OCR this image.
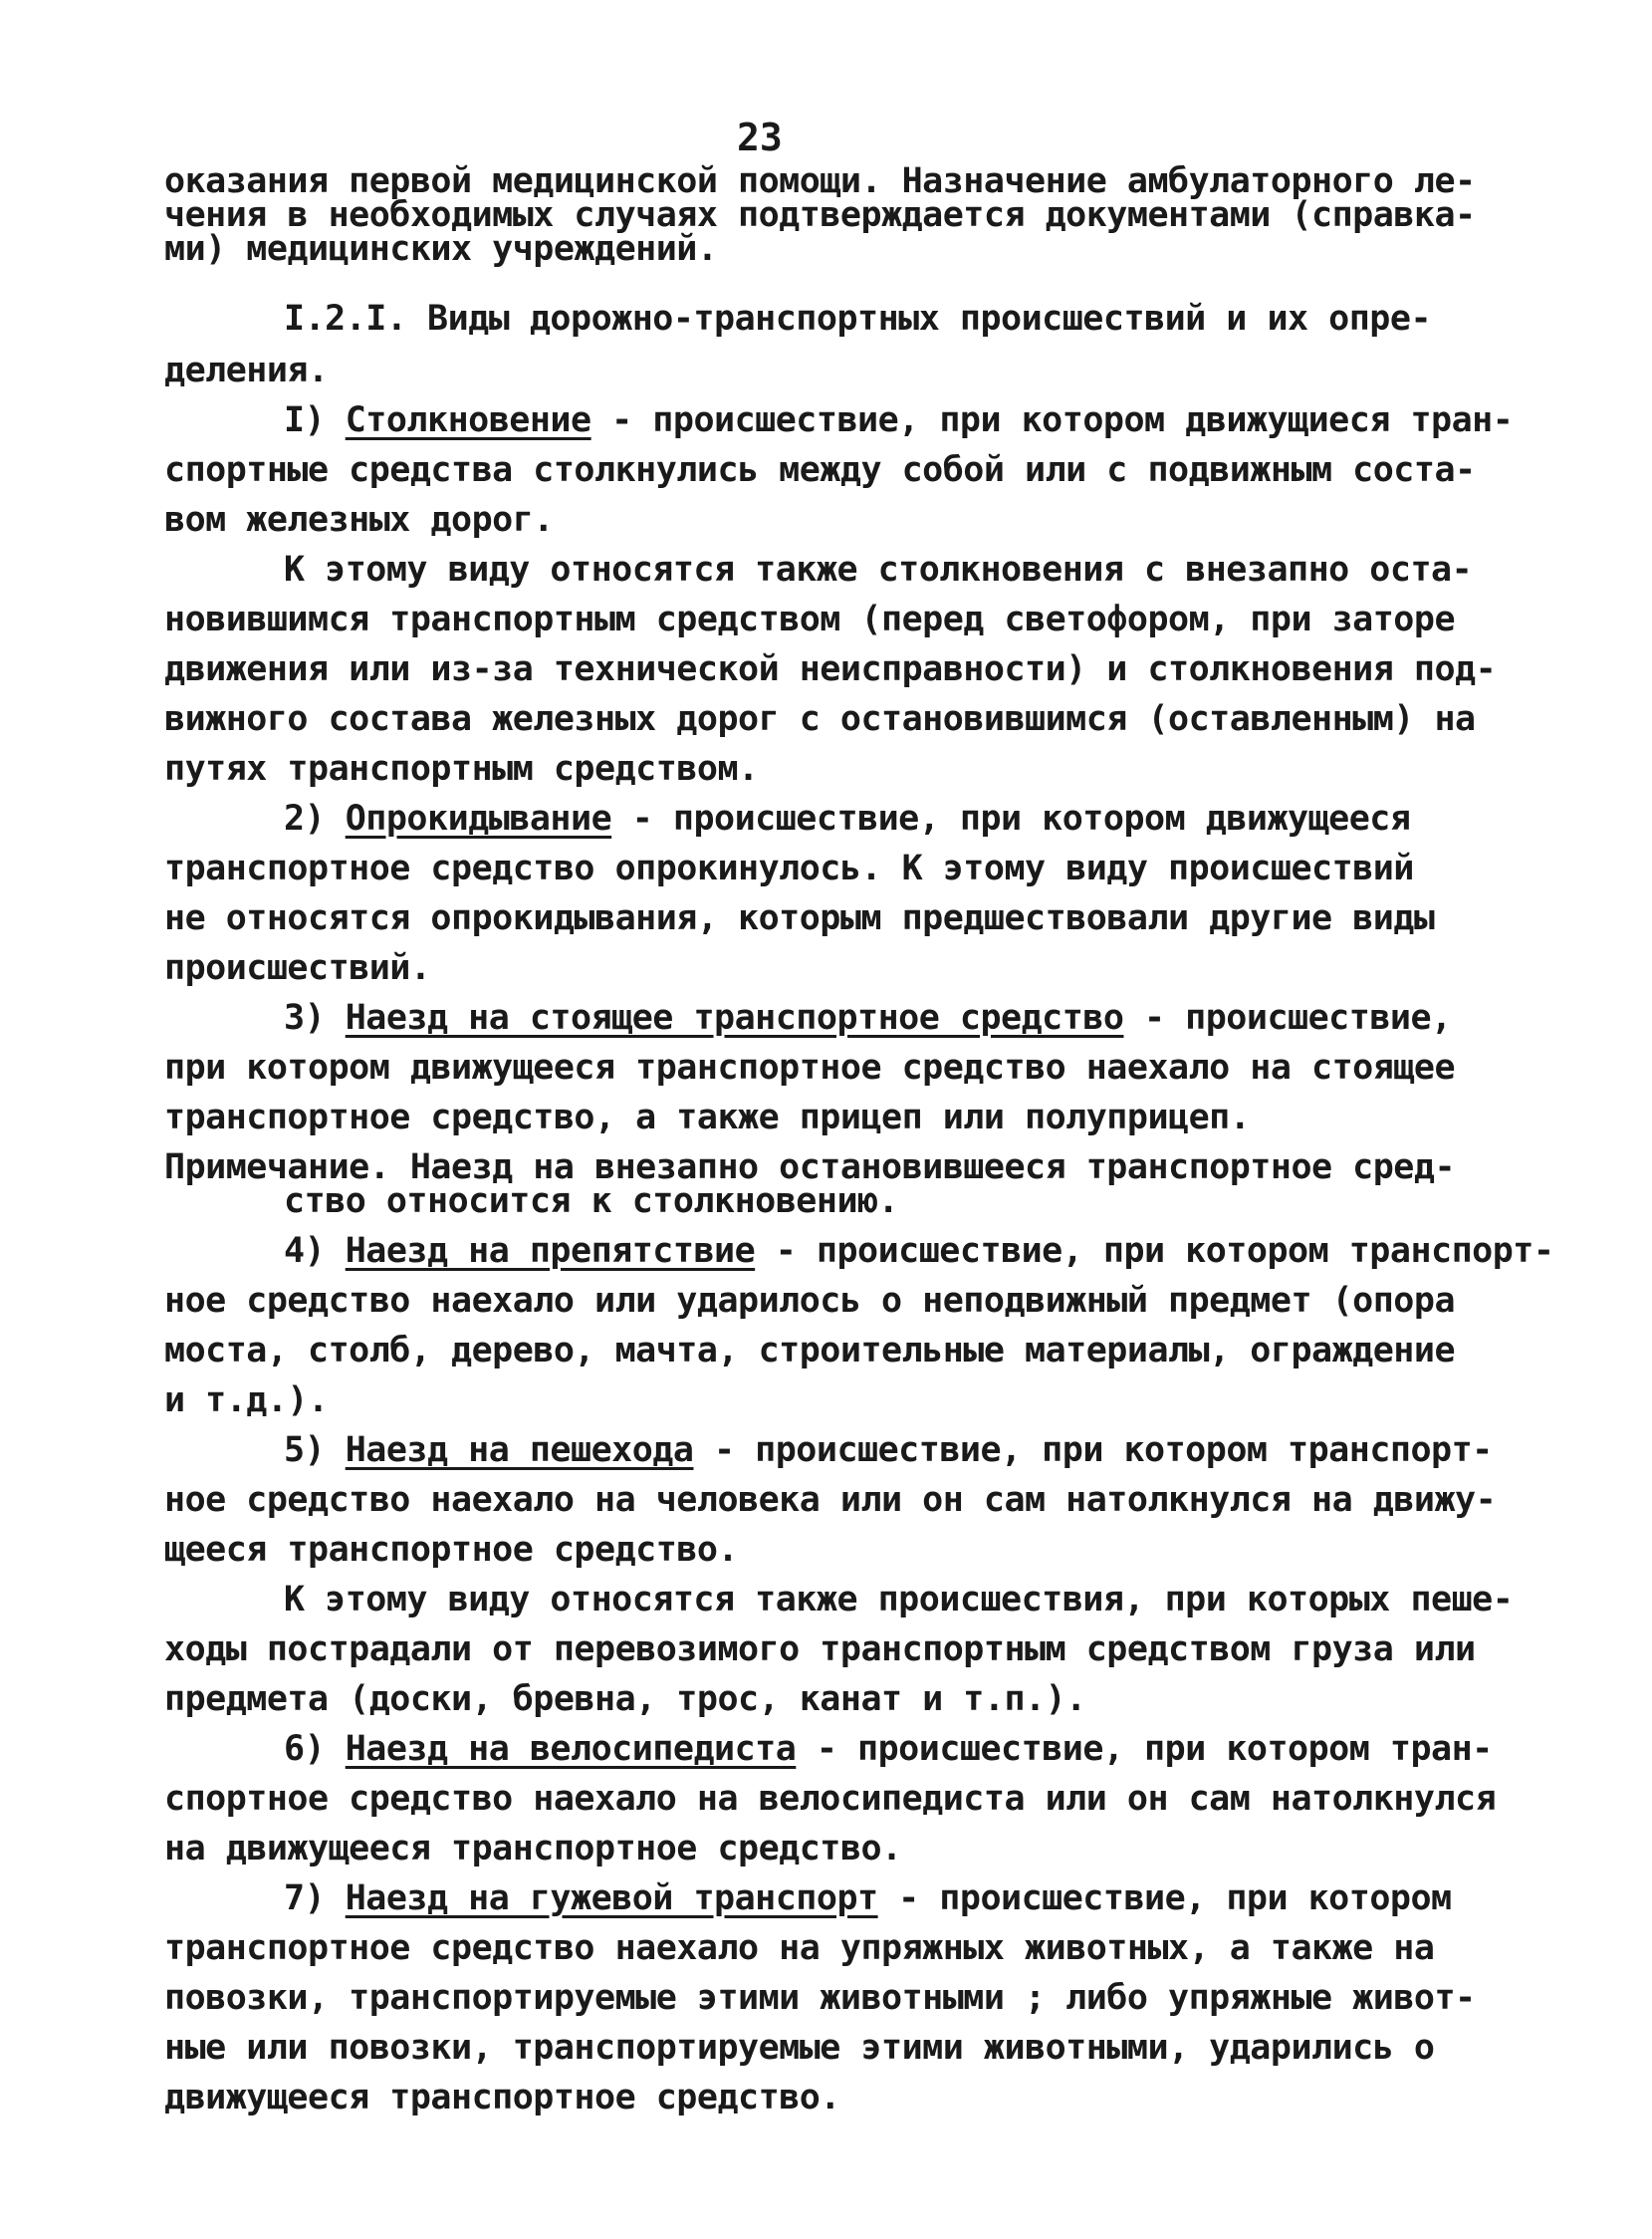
23
оказания первой медицинской помощи. Назначение амбулаторного ле-
чения в необходимых случаях подтверждается документами (справка-
ми) медицинских учреждений.
I.2.I. Виды дорожно-транспортных происшествий и их опре-
деления.
I) Столкновение - происшествие, при котором движущиеся тран-
спортные средства столкнулись между собой или с подвижным соста-
вом железных дорог.
К этому виду относятся также столкновения с внезапно оста-
новившимся транспортным средством (перед светофором, при заторе
движения или из-за технической неисправности) и столкновения под-
вижного состава железных дорог с остановившимся (оставленным) на
путях транспортным средством.
2) Опрокидывание - происшествие, при котором движущееся
транспортное средство опрокинулось. К этому виду происшествий
не относятся опрокидывания, которым предшествовали другие виды
происшествий.
3) Наезд на стоящее транспортное средство - происшествие,
при котором движущееся транспортное средство наехало на стоящее
транспортное средство, а также прицеп или полуприцеп.
Примечание. Наезд на внезапно остановившееся транспортное сред-
ство относится к столкновению.
4) Наезд на препятствие - происшествие, при котором транспорт-
ное средство наехало или ударилось о неподвижный предмет (опора
моста, столб, дерево, мачта, строительные материалы, ограждение
и т.д.).
5) Наезд на пешехода - происшествие, при котором транспорт-
ное средство наехало на человека или он сам натолкнулся на движу-
щееся транспортное средство.
К этому виду относятся также происшествия, при которых пеше-
ходы пострадали от перевозимого транспортным средством груза или
предмета (доски, бревна, трос, канат и т.п.).
6) Наезд на велосипедиста - происшествие, при котором тран-
спортное средство наехало на велосипедиста или он сам натолкнулся
на движущееся транспортное средство.
7) Наезд на гужевой транспорт - происшествие, при котором
транспортное средство наехало на упряжных животных, а также на
повозки, транспортируемые этими животными ; либо упряжные живот-
ные или повозки, транспортируемые этими животными, ударились о
движущееся транспортное средство.
